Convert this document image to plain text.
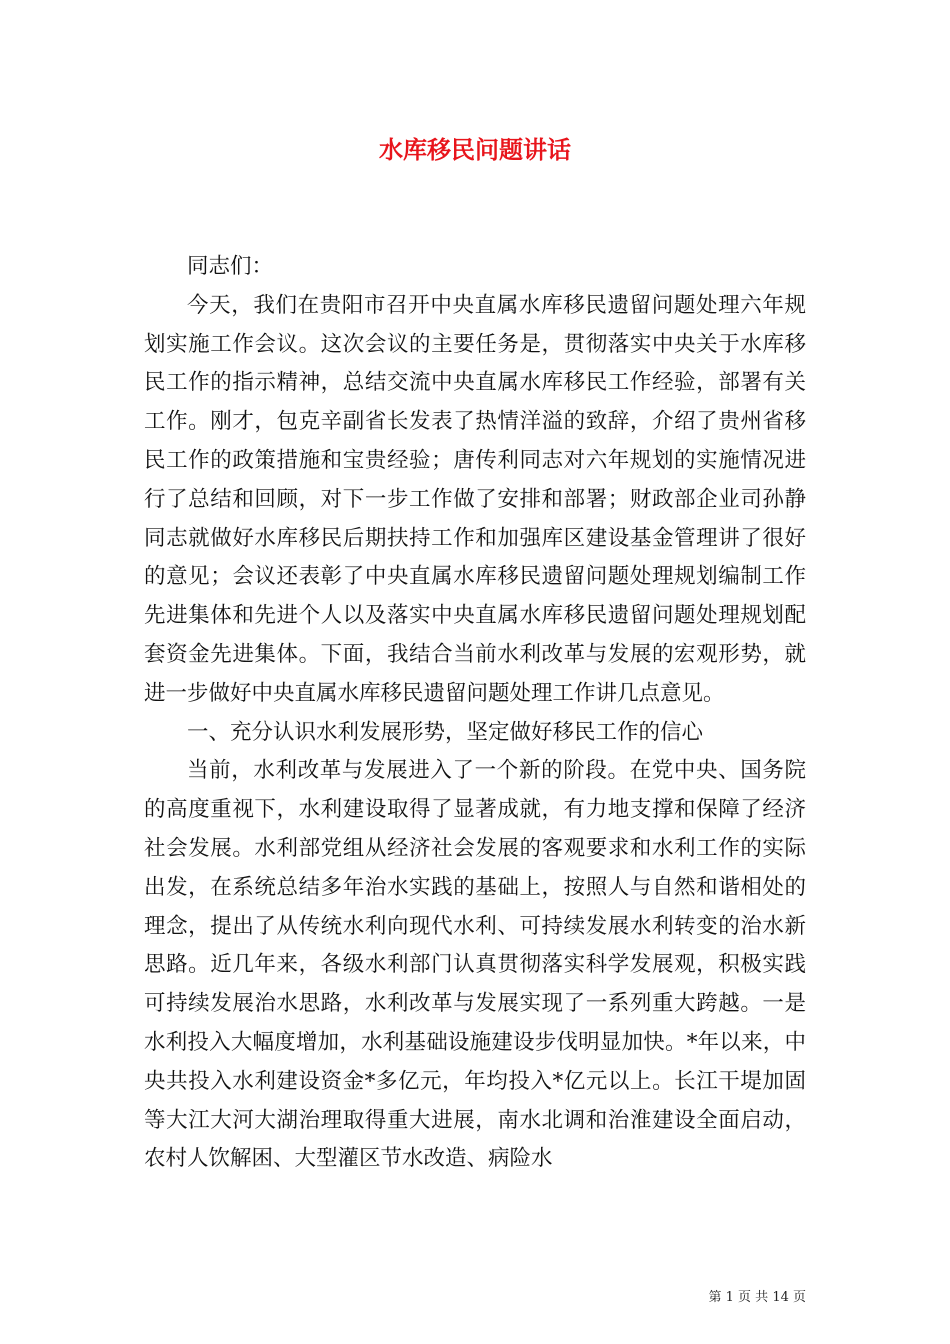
水库移民问题讲话

同志们：

今天，我们在贵阳市召开中央直属水库移民遗留问题处理六年规划实施工作会议。这次会议的主要任务是，贯彻落实中央关于水库移民工作的指示精神，总结交流中央直属水库移民工作经验，部署有关工作。刚才，包克辛副省长发表了热情洋溢的致辞，介绍了贵州省移民工作的政策措施和宝贵经验；唐传利同志对六年规划的实施情况进行了总结和回顾，对下一步工作做了安排和部署；财政部企业司孙静同志就做好水库移民后期扶持工作和加强库区建设基金管理讲了很好的意见；会议还表彰了中央直属水库移民遗留问题处理规划编制工作先进集体和先进个人以及落实中央直属水库移民遗留问题处理规划配套资金先进集体。下面，我结合当前水利改革与发展的宏观形势，就进一步做好中央直属水库移民遗留问题处理工作讲几点意见。

一、充分认识水利发展形势，坚定做好移民工作的信心

当前，水利改革与发展进入了一个新的阶段。在党中央、国务院的高度重视下，水利建设取得了显著成就，有力地支撑和保障了经济社会发展。水利部党组从经济社会发展的客观要求和水利工作的实际出发，在系统总结多年治水实践的基础上，按照人与自然和谐相处的理念，提出了从传统水利向现代水利、可持续发展水利转变的治水新思路。近几年来，各级水利部门认真贯彻落实科学发展观，积极实践可持续发展治水思路，水利改革与发展实现了一系列重大跨越。一是水利投入大幅度增加，水利基础设施建设步伐明显加快。*年以来，中央共投入水利建设资金*多亿元，年均投入*亿元以上。长江干堤加固等大江大河大湖治理取得重大进展，南水北调和治淮建设全面启动，农村人饮解困、大型灌区节水改造、病险水

第 1 页 共 14 页
